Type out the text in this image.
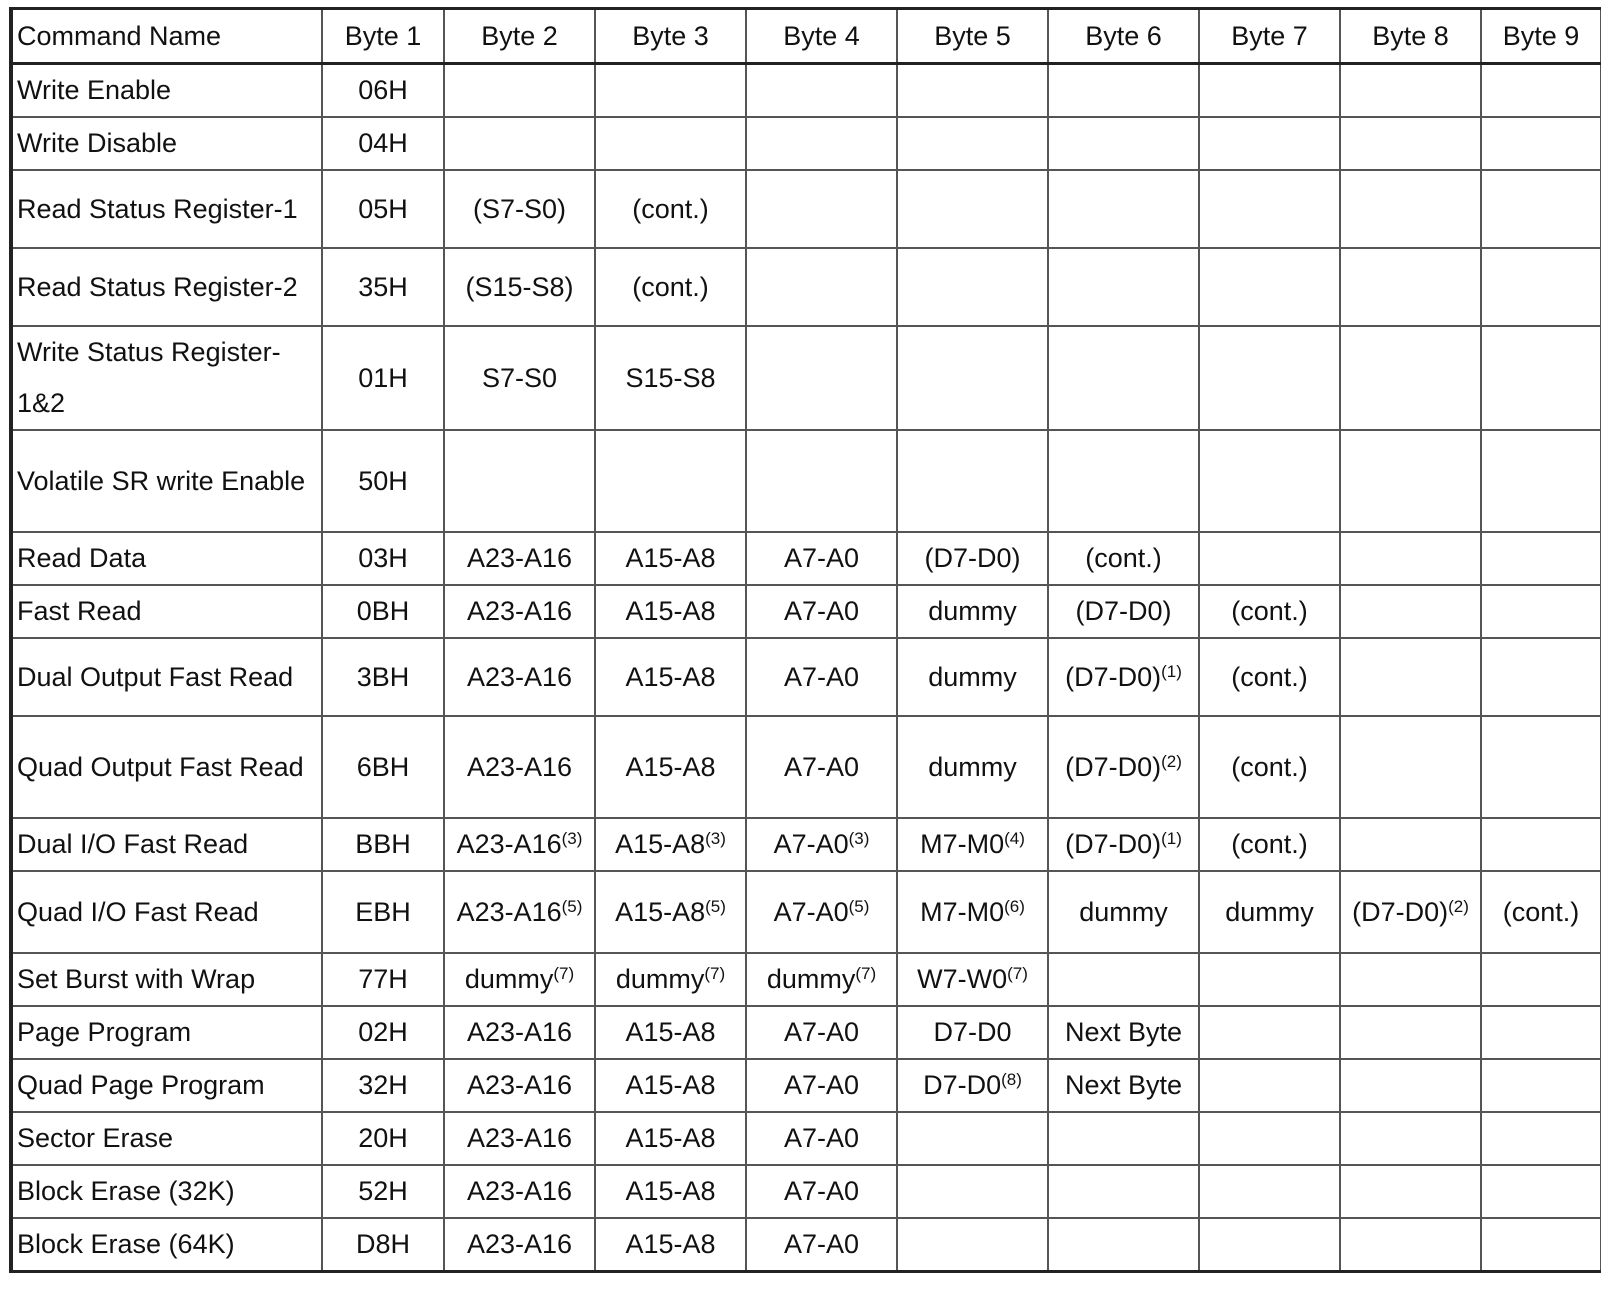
Command Name	Byte 1	Byte 2	Byte 3	Byte 4	Byte 5	Byte 6	Byte 7	Byte 8	Byte 9
Write Enable	06H								
Write Disable	04H								
Read Status Register-1	05H	(S7-S0)	(cont.)						
Read Status Register-2	35H	(S15-S8)	(cont.)						
Write Status Register-1&2	01H	S7-S0	S15-S8						
Volatile SR write Enable	50H								
Read Data	03H	A23-A16	A15-A8	A7-A0	(D7-D0)	(cont.)			
Fast Read	0BH	A23-A16	A15-A8	A7-A0	dummy	(D7-D0)	(cont.)		
Dual Output Fast Read	3BH	A23-A16	A15-A8	A7-A0	dummy	$(D7-D0)^{(1)}$	(cont.)		
Quad Output Fast Read	6BH	A23-A16	A15-A8	A7-A0	dummy	$(D7-D0)^{(2)}$	(cont.)		
Dual I/O Fast Read	BBH	A23-A16$^{(3)}$	A15-A8$^{(3)}$	A7-A0$^{(3)}$	M7-M0$^{(4)}$	$(D7-D0)^{(1)}$	(cont.)		
Quad I/O Fast Read	EBH	A23-A16$^{(5)}$	A15-A8$^{(5)}$	A7-A0$^{(5)}$	M7-M0$^{(6)}$	dummy	dummy	$(D7-D0)^{(2)}$	(cont.)
Set Burst with Wrap	77H	dummy$^{(7)}$	dummy$^{(7)}$	dummy$^{(7)}$	W7-W0$^{(7)}$				
Page Program	02H	A23-A16	A15-A8	A7-A0	D7-D0	Next Byte			
Quad Page Program	32H	A23-A16	A15-A8	A7-A0	D7-D0$^{(8)}$	Next Byte			
Sector Erase	20H	A23-A16	A15-A8	A7-A0					
Block Erase (32K)	52H	A23-A16	A15-A8	A7-A0					
Block Erase (64K)	D8H	A23-A16	A15-A8	A7-A0					
